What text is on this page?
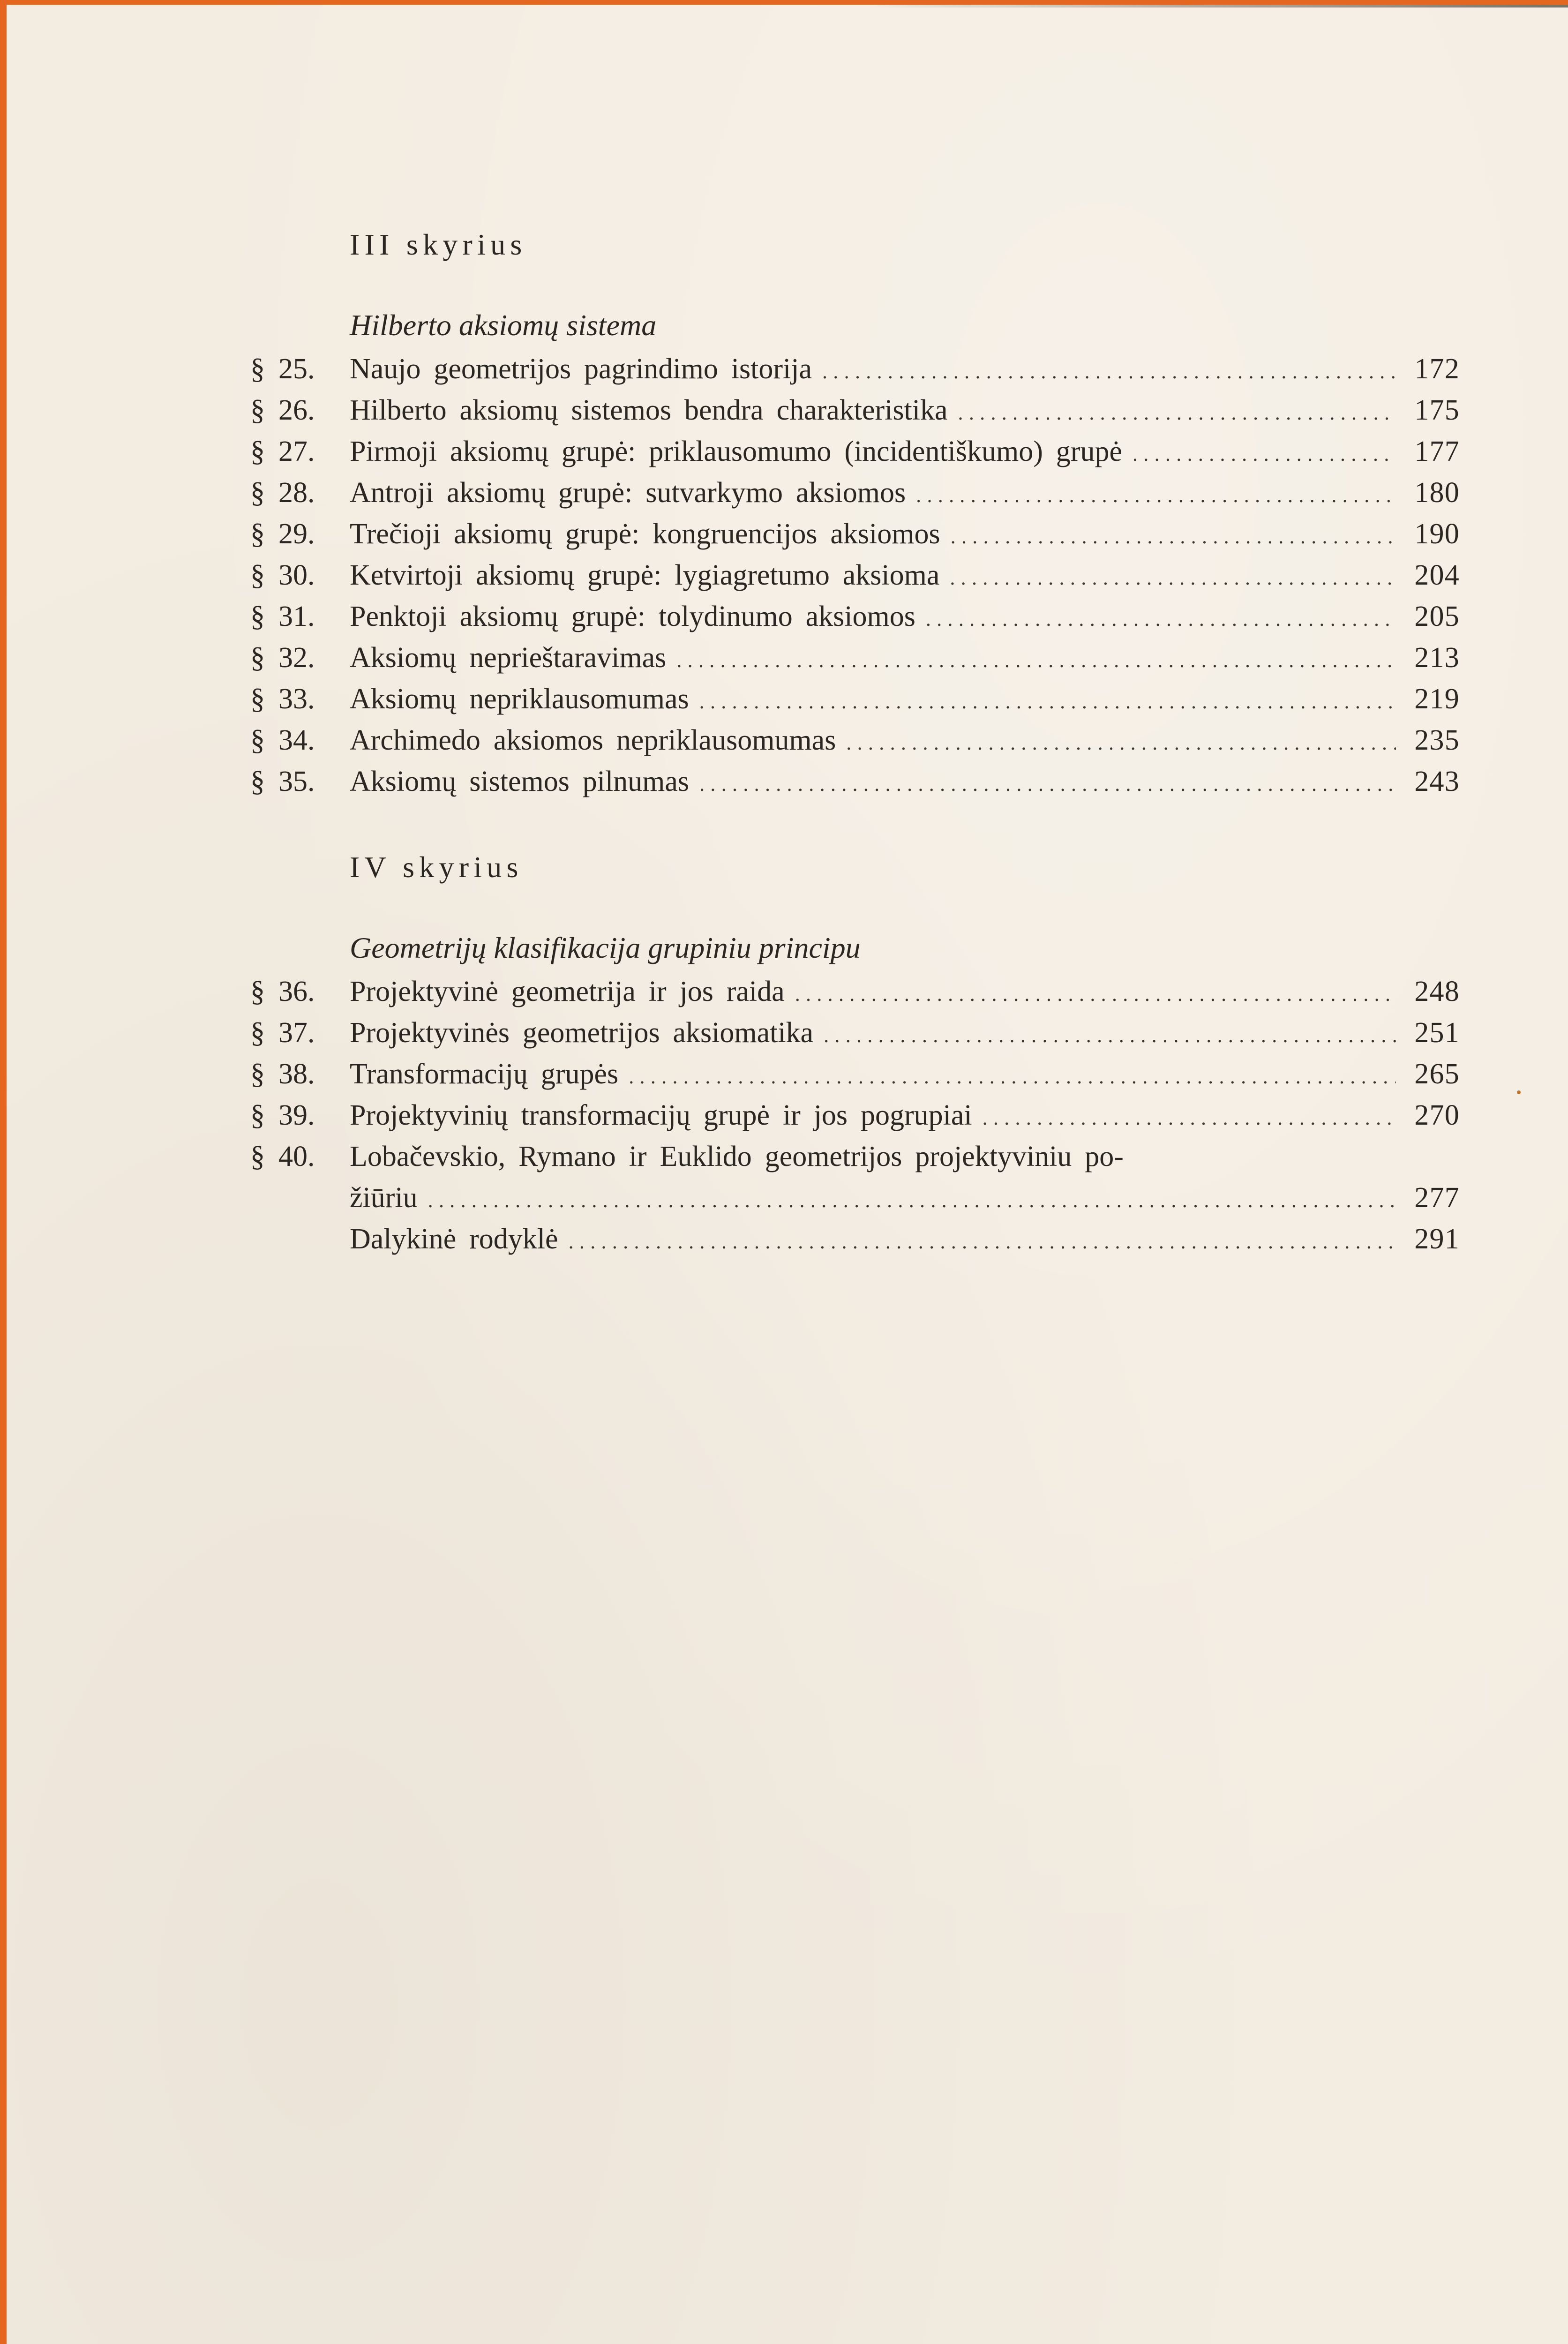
III skyrius
Hilberto aksiomų sistema
§ 25. Naujo geometrijos pagrindimo istorija .....	172
§ 26. Hilberto aksiomų sistemos bendra charakteristika .....	175
§ 27. Pirmoji aksiomų grupė: priklausomumo (incidentiškumo) grupė .....	177
§ 28. Antroji aksiomų grupė: sutvarkymo aksiomos .....	180
§ 29. Trečioji aksiomų grupė: kongruencijos aksiomos .....	190
§ 30. Ketvirtoji aksiomų grupė: lygiagretumo aksioma .....	204
§ 31. Penktoji aksiomų grupė: tolydinumo aksiomos .....	205
§ 32. Aksiomų neprieštaravimas .....	213
§ 33. Aksiomų nepriklausomumas .....	219
§ 34. Archimedo aksiomos nepriklausomumas .....	235
§ 35. Aksiomų sistemos pilnumas .....	243
IV skyrius
Geometrijų klasifikacija grupiniu principu
§ 36. Projektyvinė geometrija ir jos raida .....	248
§ 37. Projektyvinės geometrijos aksiomatika .....	251
§ 38. Transformacijų grupės .....	265
§ 39. Projektyvinių transformacijų grupė ir jos pogrupiai .....	270
§ 40. Lobačevskio, Rymano ir Euklido geometrijos projektyviniu po-
žiūriu .....	277
Dalykinė rodyklė .....	291
